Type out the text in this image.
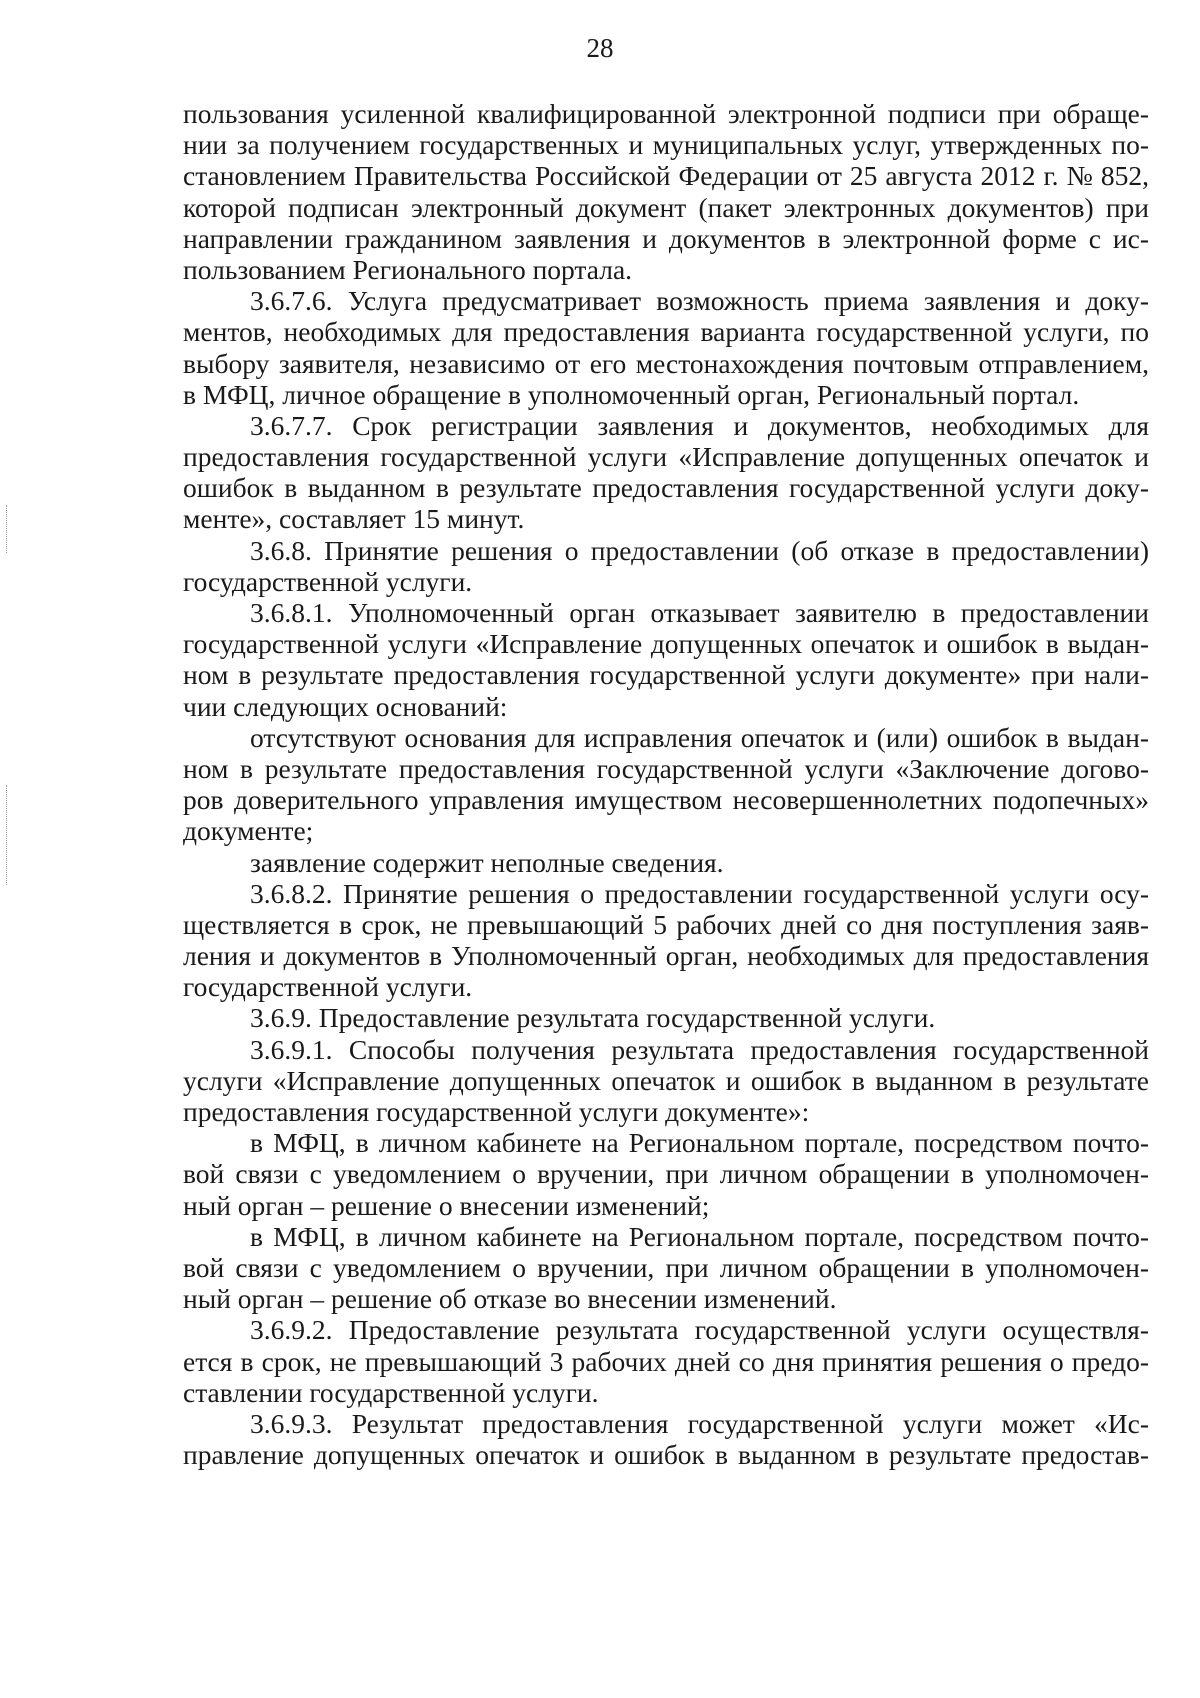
28
пользования усиленной квалифицированной электронной подписи при обраще-
нии за получением государственных и муниципальных услуг, утвержденных по-
становлением Правительства Российской Федерации от 25 августа 2012 г. № 852,
которой подписан электронный документ (пакет электронных документов) при
направлении гражданином заявления и документов в электронной форме с ис-
пользованием Регионального портала.
3.6.7.6. Услуга предусматривает возможность приема заявления и доку-
ментов, необходимых для предоставления варианта государственной услуги, по
выбору заявителя, независимо от его местонахождения почтовым отправлением,
в МФЦ, личное обращение в уполномоченный орган, Региональный портал.
3.6.7.7. Срок регистрации заявления и документов, необходимых для
предоставления государственной услуги «Исправление допущенных опечаток и
ошибок в выданном в результате предоставления государственной услуги доку-
менте», составляет 15 минут.
3.6.8. Принятие решения о предоставлении (об отказе в предоставлении)
государственной услуги.
3.6.8.1. Уполномоченный орган отказывает заявителю в предоставлении
государственной услуги «Исправление допущенных опечаток и ошибок в выдан-
ном в результате предоставления государственной услуги документе» при нали-
чии следующих оснований:
отсутствуют основания для исправления опечаток и (или) ошибок в выдан-
ном в результате предоставления государственной услуги «Заключение догово-
ров доверительного управления имуществом несовершеннолетних подопечных»
документе;
заявление содержит неполные сведения.
3.6.8.2. Принятие решения о предоставлении государственной услуги осу-
ществляется в срок, не превышающий 5 рабочих дней со дня поступления заяв-
ления и документов в Уполномоченный орган, необходимых для предоставления
государственной услуги.
3.6.9. Предоставление результата государственной услуги.
3.6.9.1. Способы получения результата предоставления государственной
услуги «Исправление допущенных опечаток и ошибок в выданном в результате
предоставления государственной услуги документе»:
в МФЦ, в личном кабинете на Региональном портале, посредством почто-
вой связи с уведомлением о вручении, при личном обращении в уполномочен-
ный орган – решение о внесении изменений;
в МФЦ, в личном кабинете на Региональном портале, посредством почто-
вой связи с уведомлением о вручении, при личном обращении в уполномочен-
ный орган – решение об отказе во внесении изменений.
3.6.9.2. Предоставление результата государственной услуги осуществля-
ется в срок, не превышающий 3 рабочих дней со дня принятия решения о предо-
ставлении государственной услуги.
3.6.9.3. Результат предоставления государственной услуги может «Ис-
правление допущенных опечаток и ошибок в выданном в результате предостав-
